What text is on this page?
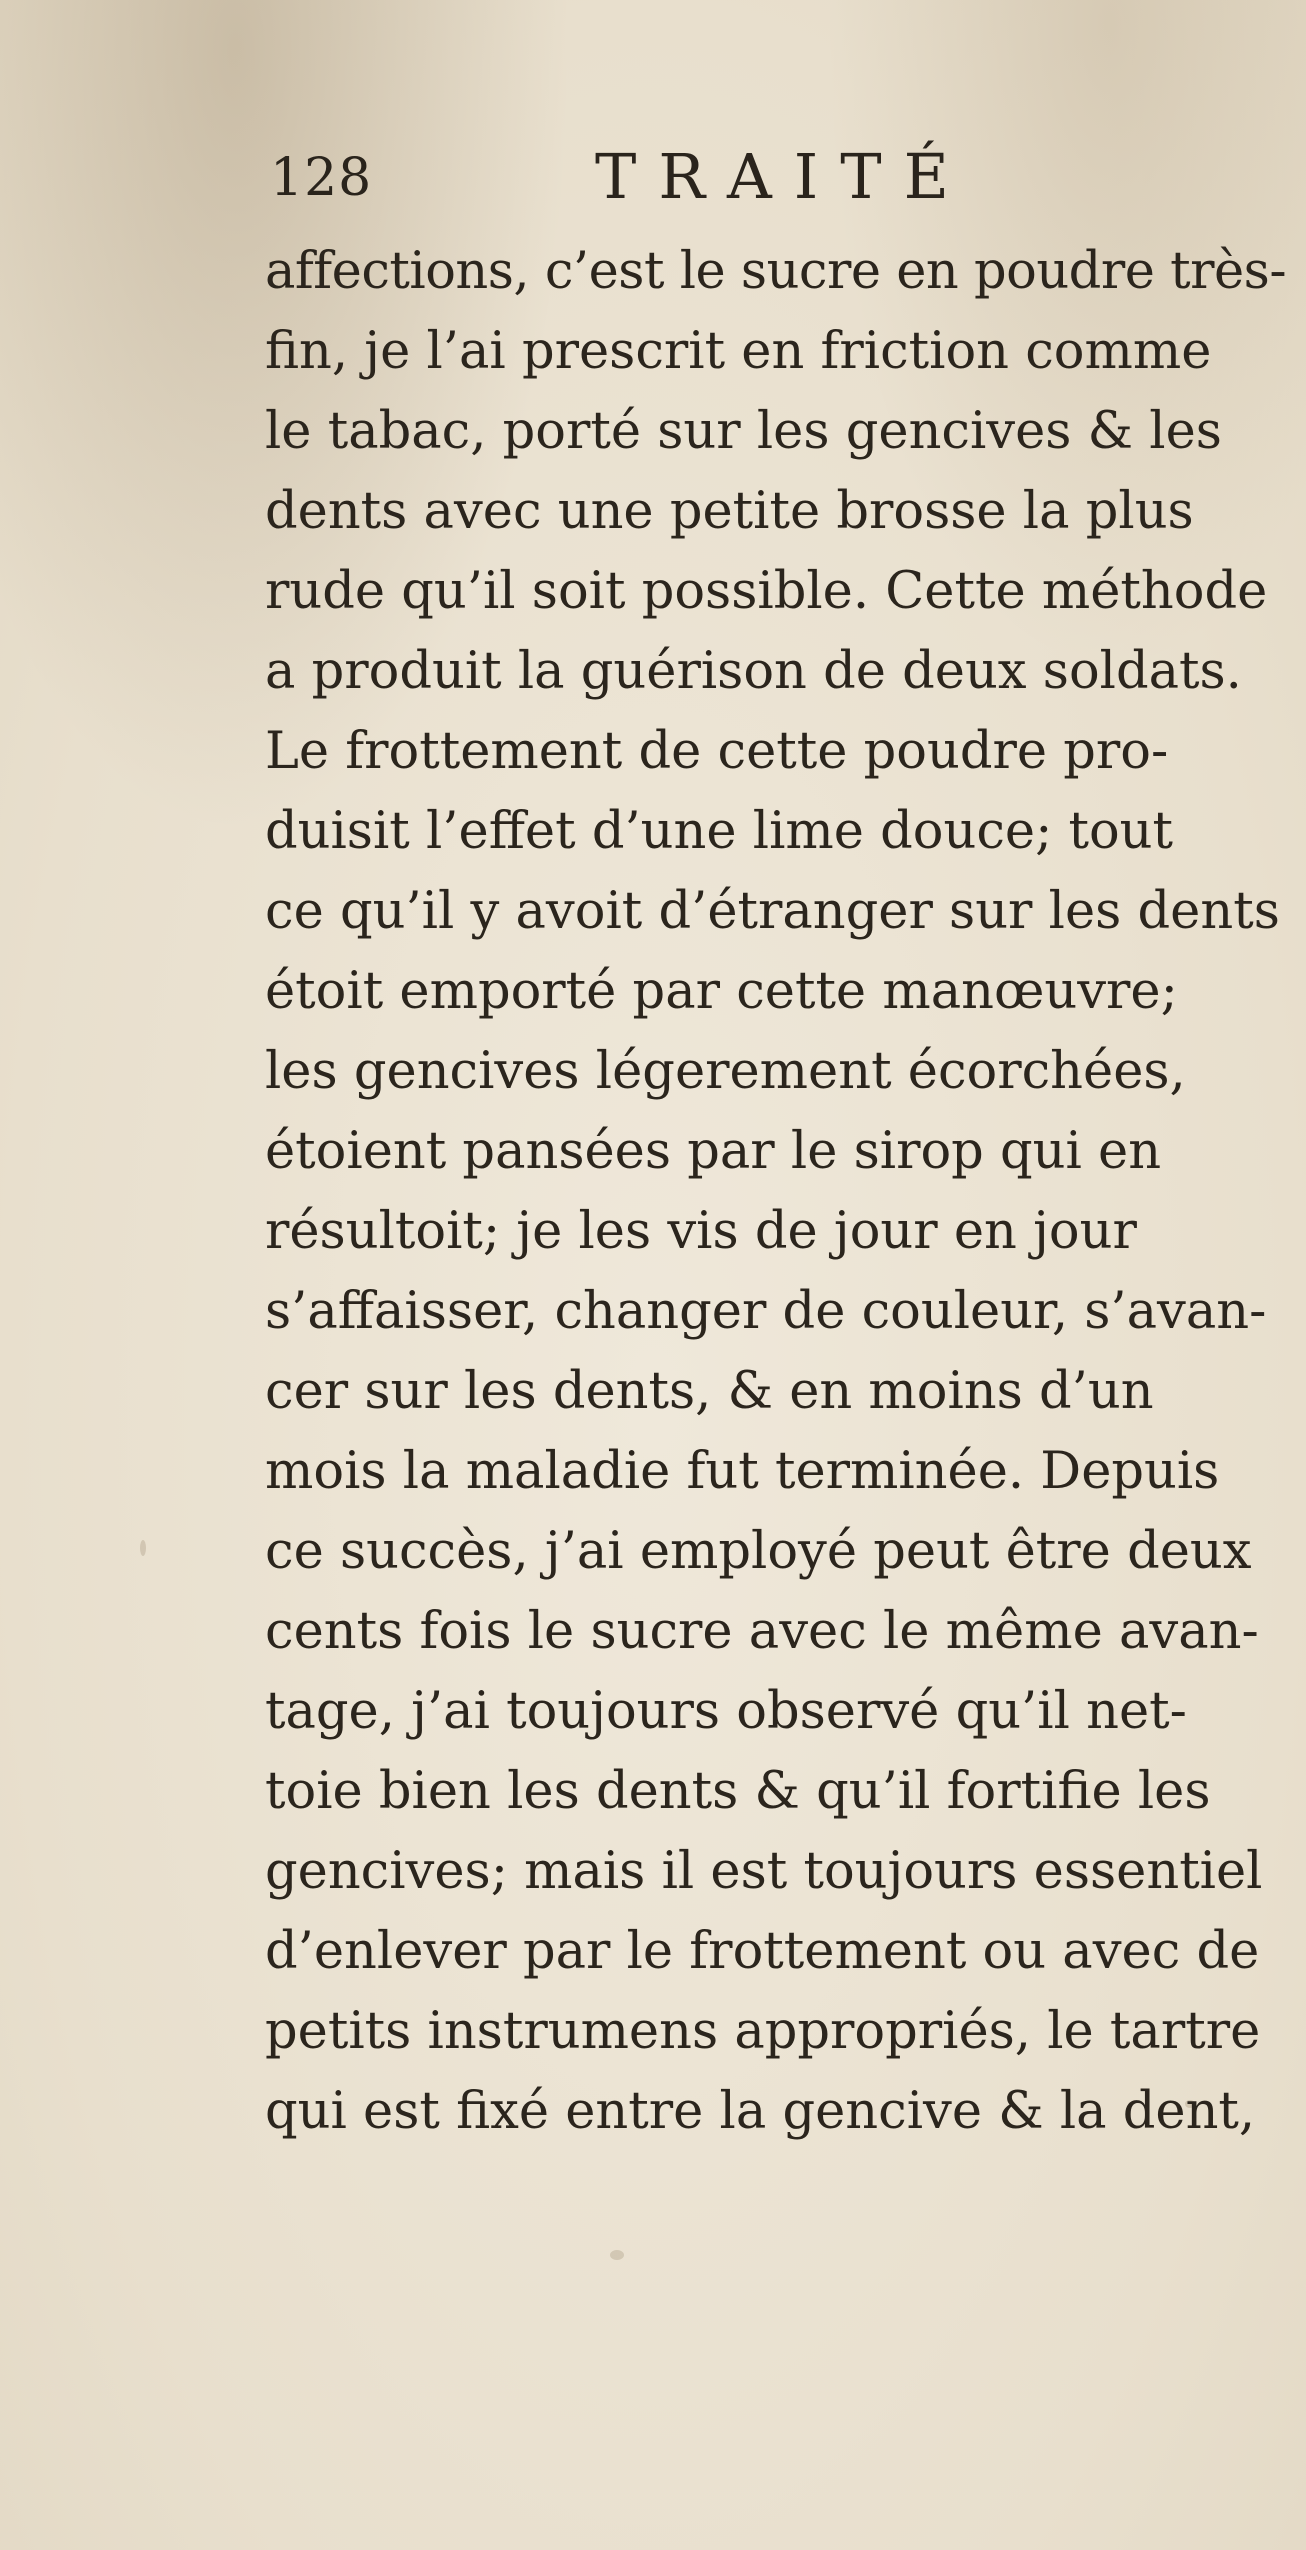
128	TRAITÉ
affections, c’est le sucre en poudre très-
fin, je l’ai prescrit en friction comme
le tabac, porté sur les gencives & les
dents avec une petite brosse la plus
rude qu’il soit possible. Cette méthode
a produit la guérison de deux soldats.
Le frottement de cette poudre pro-
duisit l’effet d’une lime douce; tout
ce qu’il y avoit d’étranger sur les dents
étoit emporté par cette manœuvre;
les gencives légerement écorchées,
étoient pansées par le sirop qui en
résultoit; je les vis de jour en jour
s’affaisser, changer de couleur, s’avan-
cer sur les dents, & en moins d’un
mois la maladie fut terminée. Depuis
ce succès, j’ai employé peut être deux
cents fois le sucre avec le même avan-
tage, j’ai toujours observé qu’il net-
toie bien les dents & qu’il fortifie les
gencives; mais il est toujours essentiel
d’enlever par le frottement ou avec de
petits instrumens appropriés, le tartre
qui est fixé entre la gencive & la dent,
